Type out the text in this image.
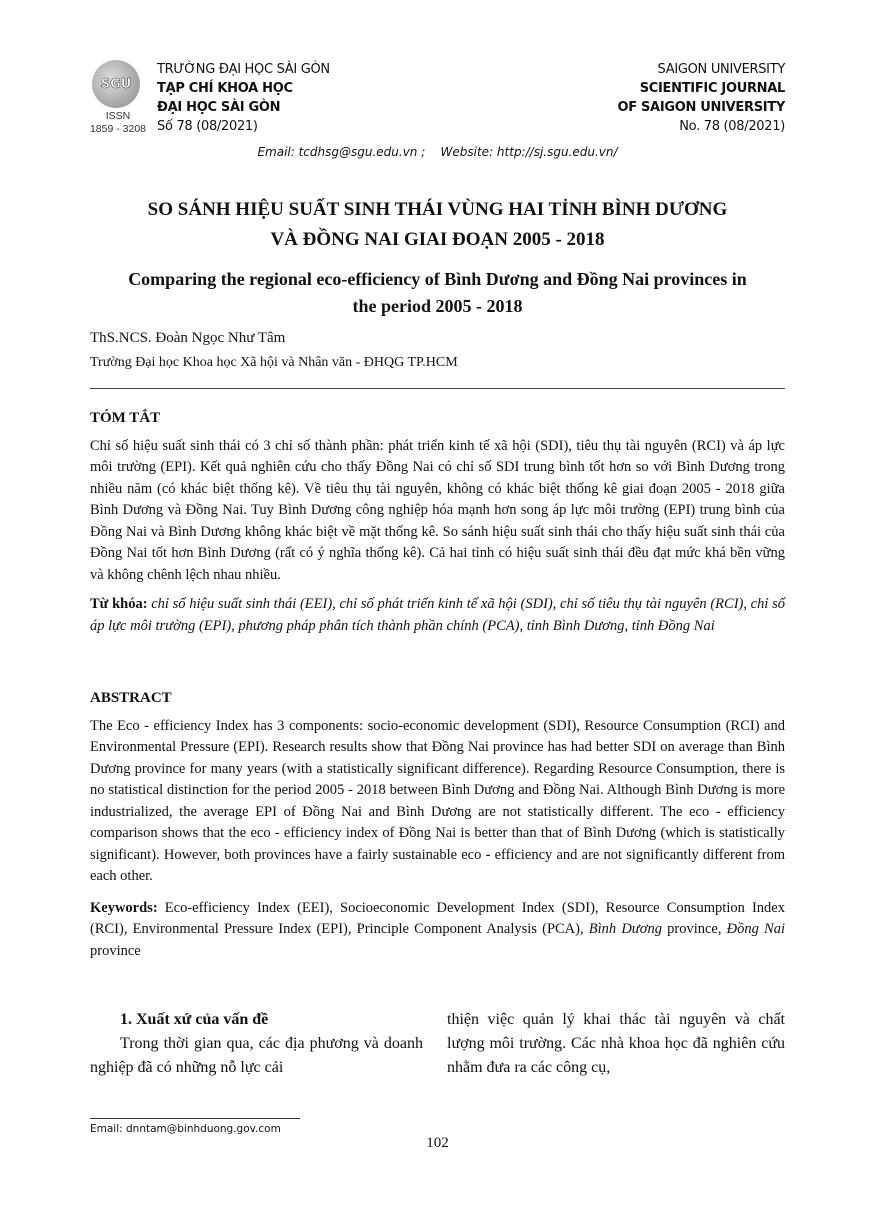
SGU
ISSN
1859 - 3208
TRƯỜNG ĐẠI HỌC SÀI GÒN
TẠP CHÍ KHOA HỌC
ĐẠI HỌC SÀI GÒN
Số 78 (08/2021)
SAIGON UNIVERSITY
SCIENTIFIC JOURNAL
OF SAIGON UNIVERSITY
No. 78 (08/2021)
Email: tcdhsg@sgu.edu.vn ;    Website: http://sj.sgu.edu.vn/
SO SÁNH HIỆU SUẤT SINH THÁI VÙNG HAI TỈNH BÌNH DƯƠNG
VÀ ĐỒNG NAI GIAI ĐOẠN 2005 - 2018
Comparing the regional eco-efficiency of Bình Dương and Đồng Nai provinces in
the period 2005 - 2018
ThS.NCS. Đoàn Ngọc Như Tâm
Trường Đại học Khoa học Xã hội và Nhân văn - ĐHQG TP.HCM
TÓM TẮT

Chỉ số hiệu suất sinh thái có 3 chỉ số thành phần: phát triển kinh tế xã hội (SDI), tiêu thụ tài nguyên (RCI) và áp lực môi trường (EPI). Kết quả nghiên cứu cho thấy Đồng Nai có chỉ số SDI trung bình tốt hơn so với Bình Dương trong nhiều năm (có khác biệt thống kê). Về tiêu thụ tài nguyên, không có khác biệt thống kê giai đoạn 2005 - 2018 giữa Bình Dương và Đồng Nai. Tuy Bình Dương công nghiệp hóa mạnh hơn song áp lực môi trường (EPI) trung bình của Đồng Nai và Bình Dương không khác biệt về mặt thống kê. So sánh hiệu suất sinh thái cho thấy hiệu suất sinh thái của Đồng Nai tốt hơn Bình Dương (rất có ý nghĩa thống kê). Cả hai tỉnh có hiệu suất sinh thái đều đạt mức khá bền vững và không chênh lệch nhau nhiều.

Từ khóa: chỉ số hiệu suất sinh thái (EEI), chỉ số phát triển kinh tế xã hội (SDI), chỉ số tiêu thụ tài nguyên (RCI), chỉ số áp lực môi trường (EPI), phương pháp phân tích thành phần chính (PCA), tỉnh Bình Dương, tỉnh Đồng Nai

ABSTRACT

The Eco - efficiency Index has 3 components: socio-economic development (SDI), Resource Consumption (RCI) and Environmental Pressure (EPI). Research results show that Đồng Nai province has had better SDI on average than Bình Dương province for many years (with a statistically significant difference). Regarding Resource Consumption, there is no statistical distinction for the period 2005 - 2018 between Bình Dương and Đồng Nai. Although Bình Dương is more industrialized, the average EPI of Đồng Nai and Bình Dương are not statistically different. The eco - efficiency comparison shows that the eco - efficiency index of Đồng Nai is better than that of Bình Dương (which is statistically significant). However, both provinces have a fairly sustainable eco - efficiency and are not significantly different from each other.

Keywords: Eco-efficiency Index (EEI), Socioeconomic Development Index (SDI), Resource Consumption Index (RCI), Environmental Pressure Index (EPI), Principle Component Analysis (PCA), Bình Dương province, Đồng Nai province

1. Xuất xứ của vấn đề

Trong thời gian qua, các địa phương và doanh nghiệp đã có những nỗ lực cải

thiện việc quản lý khai thác tài nguyên và chất lượng môi trường. Các nhà khoa học đã nghiên cứu nhằm đưa ra các công cụ,

Email: dnntam@binhduong.gov.com
102
